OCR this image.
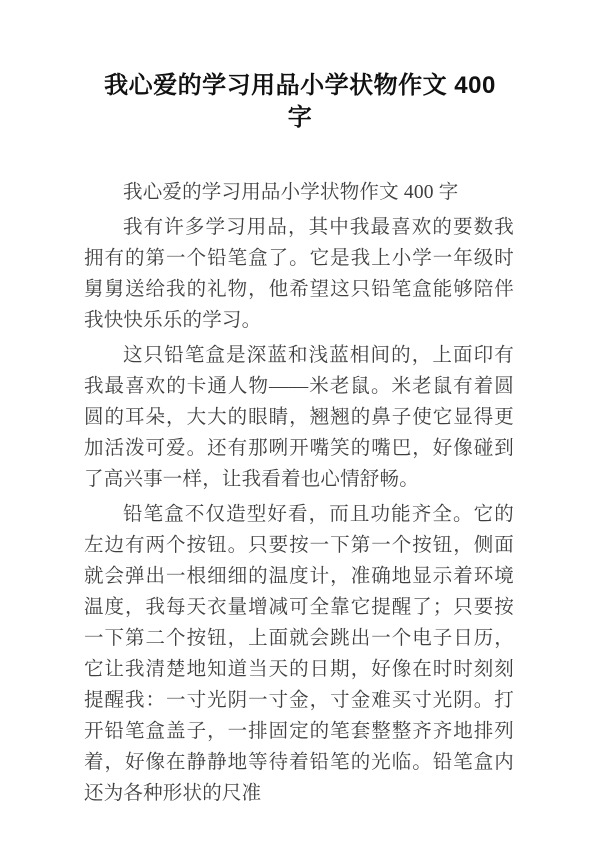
我心爱的学习用品小学状物作文 400
字

我心爱的学习用品小学状物作文 400 字

我有许多学习用品，其中我最喜欢的要数我拥有的第一个铅笔盒了。它是我上小学一年级时舅舅送给我的礼物，他希望这只铅笔盒能够陪伴我快快乐乐的学习。

这只铅笔盒是深蓝和浅蓝相间的，上面印有我最喜欢的卡通人物——米老鼠。米老鼠有着圆圆的耳朵，大大的眼睛，翘翘的鼻子使它显得更加活泼可爱。还有那咧开嘴笑的嘴巴，好像碰到了高兴事一样，让我看着也心情舒畅。

铅笔盒不仅造型好看，而且功能齐全。它的左边有两个按钮。只要按一下第一个按钮，侧面就会弹出一根细细的温度计，准确地显示着环境温度，我每天衣量增减可全靠它提醒了；只要按一下第二个按钮，上面就会跳出一个电子日历，它让我清楚地知道当天的日期，好像在时时刻刻提醒我：一寸光阴一寸金，寸金难买寸光阴。打开铅笔盒盖子，一排固定的笔套整整齐齐地排列着，好像在静静地等待着铅笔的光临。铅笔盒内还为各种形状的尺准
